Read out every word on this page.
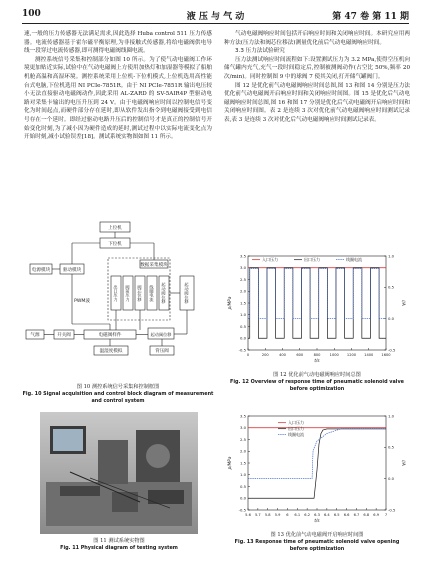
100	液 压 与 气 动	第 47 卷 第 11 期

速,一般的压力传感器无法满足需求,因此选择 Huba control 511 压力传感器。电流传感器基于霍尔磁平衡原理,为非接触式传感器,将给电磁阀供电导线一段穿过电流传感器,即可测得电磁阀线圈电流。

测控系统信号采集和控制部分如图 10 所示。为了使气动电磁阀工作环境更加贴近实际,试验中在气动电磁阀上方使用加热灯和加湿器等模拟了船舶机舱高温和高湿环境。测控系统采用上位机-下位机模式,上位机选用高性能台式电脑,下位机选用 NI PCIe-7851R。由于 NI PCIe-7851R 输出电压较小无法直接驱动电磁阀动作,因此采用 AL-ZARD 的 SV-5AIR4P 型驱动电路对采集卡输出的电压升压到 24 V。由于电磁阀响应时间以控制电信号变化为时间起点,而硬件部分存在延时,即从软件发出指令到电磁阀接受到电信号存在一个延时。即经过驱动电路升压后的控制信号才是真正的控制信号开始变化时刻,为了减小因为硬件造成的延时,测试过程中以实际电流变化点为开始时刻,减小试验误差[18]。测试系统实物图如图 11 所示。

上位机
下位机
电源模块	驱动模块
数据采集模块
PWM波
气源	开关阀	电磁阀样件	起动阀位移
温湿度模拟	背压阀
出口压力 阀前压力 阀芯位移 线圈电流 起动阀位移	起动阀位移

图 10 测控系统信号采集和控制框图

Fig. 10 Signal acquisition and control block diagram of measurement and control system

图 11 测试系统实物图

Fig. 11 Physical diagram of testing system

气动电磁阀响应时间包括开启响应时间和关闭响应时间。本研究应用两种方法(压力法和阀芯位移法)测量优化前后气动电磁阀响应时间。

3.3 压力法试验研究

压力法测试响应时间流程如下:设置测试压力为 3.2 MPa,使得空压机向储气罐内充气,充气一段时间稳定后,控制被测阀动作(占空比 50%,频率 20 次/min)。同时控制图 9 中的球阀 7 使其关闭,打开储气罐阀门。

图 12 是优化前气动电磁阀响应时间总图,图 13 和图 14 分别是压力法优化前气动电磁阀开启响应时间和关闭响应时间图。图 15 是优化后气动电磁阀响应时间总图,图 16 和图 17 分别是优化后气动电磁阀开启响应时间和关闭响应时间图。表 2 是连续 3 次对优化前气动电磁阀响应时间测试记录表,表 3 是连续 3 次对优化后气动电磁阀响应时间测试记录表。

0	200	400	600	800	1000 1200 1400 1600
-0.5
0.0
0.5
1.0
1.5
2.0
2.5
3.0
3.5
-0.5
0.0
0.5
1.0
t/s
p/MPa	I/A
入口压力	出口压力	线圈电流

图 12 优化前气动电磁阀响应时间总图

Fig. 12 Overview of response time of pneumatic solenoid valve before optimization

5.6 5.7 5.8 5.9 6 6.1 6.2 6.3 6.4 6.5 6.6 6.7 6.8 6.9 7
-0.5
0.0
0.5
1.0
1.5
2.0
2.5
3.0
3.5
-0.5
0.0
0.5
1.0
t/s
p/MPa	I/A
入口压力
出口压力
线圈电流

图 13 优化前气动电磁阀开启响应时间图

Fig. 13 Response time of pneumatic solenoid valve opening before optimization
